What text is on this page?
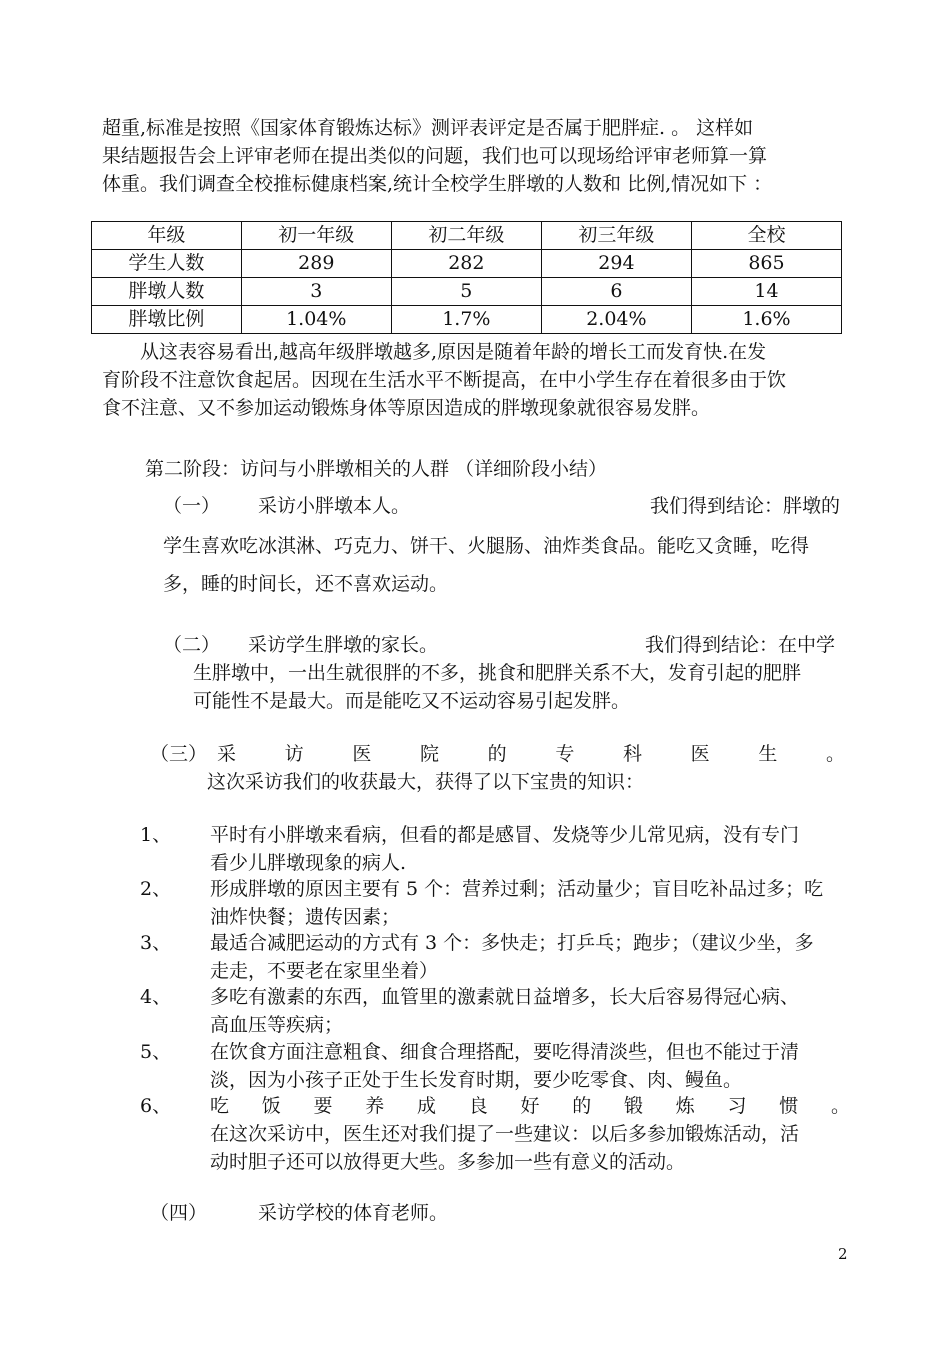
超重,标准是按照《国家体育锻炼达标》测评表评定是否属于肥胖症. 。 这样如
果结题报告会上评审老师在提出类似的问题，我们也可以现场给评审老师算一算
体重。我们调查全校推标健康档案,统计全校学生胖墩的人数和 比例,情况如下 ：
年级	初一年级	初二年级	初三年级	全校
学生人数	289	282	294	865
胖墩人数	3	5	6	14
胖墩比例	1.04%	1.7%	2.04%	1.6%
从这表容易看出,越高年级胖墩越多,原因是随着年龄的增长工而发育快.在发
育阶段不注意饮食起居。因现在生活水平不断提高，在中小学生存在着很多由于饮
食不注意、又不参加运动锻炼身体等原因造成的胖墩现象就很容易发胖。
第二阶段：访问与小胖墩相关的人群 （详细阶段小结）
（一） 采访小胖墩本人。	我们得到结论：胖墩的
学生喜欢吃冰淇淋、巧克力、饼干、火腿肠、油炸类食品。能吃又贪睡，吃得
多，睡的时间长，还不喜欢运动。
（二） 采访学生胖墩的家长。	我们得到结论：在中学
生胖墩中，一出生就很胖的不多，挑食和肥胖关系不大，发育引起的肥胖
可能性不是最大。而是能吃又不运动容易引起发胖。
（三） 采访医院的专科医生。
这次采访我们的收获最大，获得了以下宝贵的知识：
1、 平时有小胖墩来看病，但看的都是感冒、发烧等少儿常见病，没有专门
看少儿胖墩现象的病人.
2、 形成胖墩的原因主要有 5 个：营养过剩；活动量少；盲目吃补品过多；吃
油炸快餐；遗传因素；
3、 最适合减肥运动的方式有 3 个：多快走；打乒乓；跑步；（建议少坐，多
走走，不要老在家里坐着）
4、 多吃有激素的东西，血管里的激素就日益增多，长大后容易得冠心病、
高血压等疾病；
5、 在饮食方面注意粗食、细食合理搭配，要吃得清淡些，但也不能过于清
淡，因为小孩子正处于生长发育时期，要少吃零食、肉、鳗鱼。
6、 吃饭要养成良好的锻炼习惯。
在这次采访中，医生还对我们提了一些建议：以后多参加锻炼活动，活
动时胆子还可以放得更大些。多参加一些有意义的活动。
（四）	采访学校的体育老师。
2
